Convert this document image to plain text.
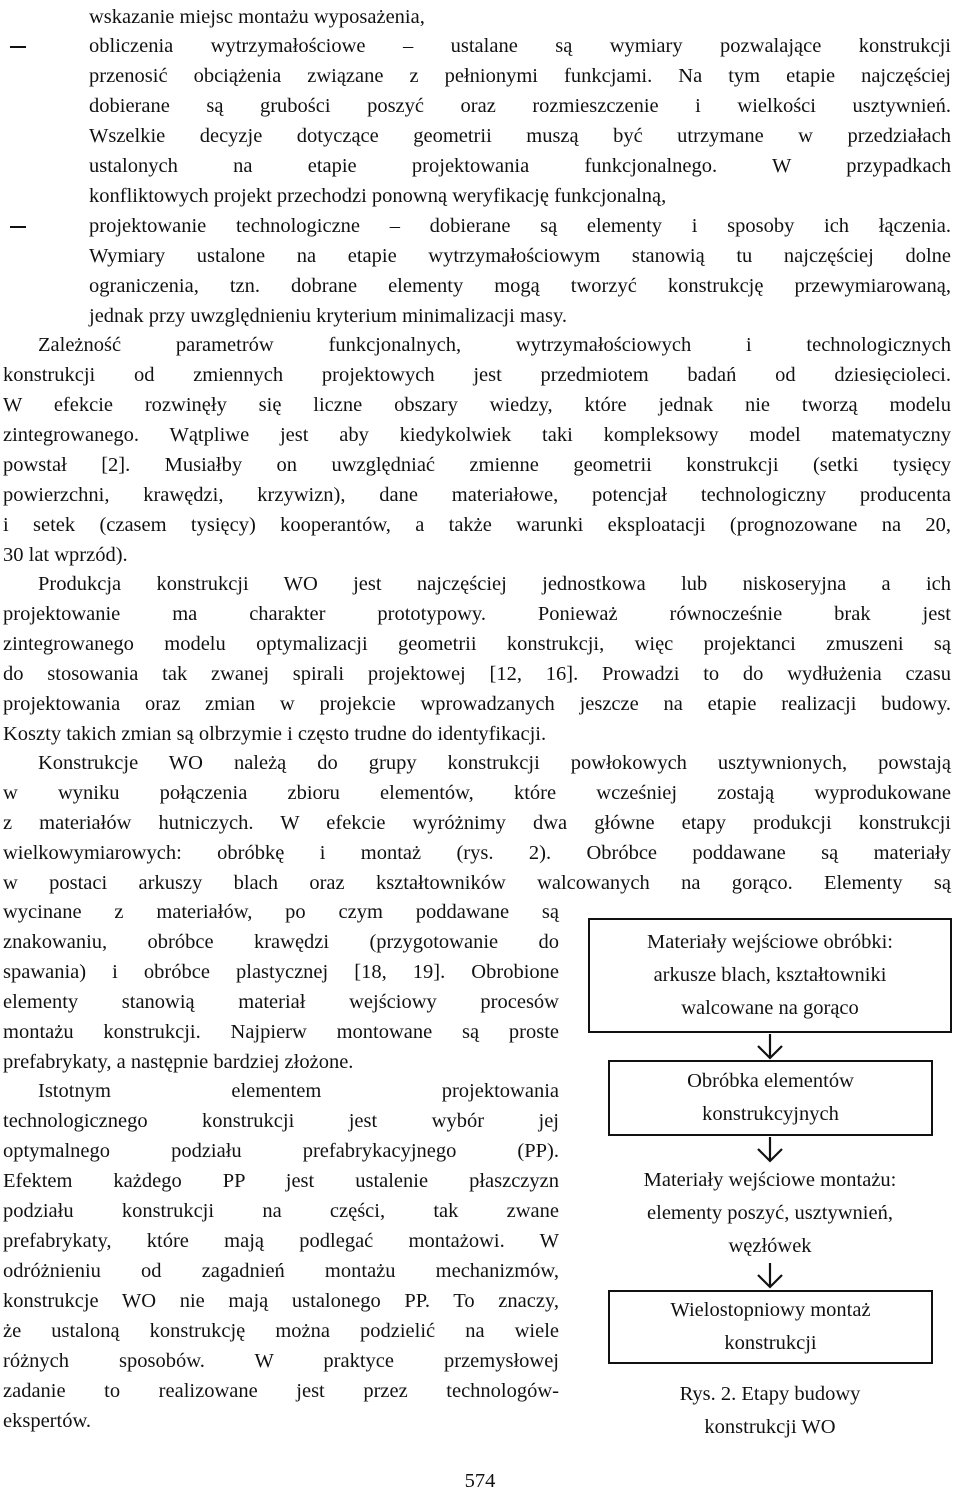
wskazanie miejsc montażu wyposażenia,
obliczenia wytrzymałościowe – ustalane są wymiary pozwalające konstrukcji
przenosić obciążenia związane z pełnionymi funkcjami. Na tym etapie najczęściej
dobierane są grubości poszyć oraz rozmieszczenie i wielkości usztywnień.
Wszelkie decyzje dotyczące geometrii muszą być utrzymane w przedziałach
ustalonych na etapie projektowania funkcjonalnego. W przypadkach
konfliktowych projekt przechodzi ponowną weryfikację funkcjonalną,
projektowanie technologiczne – dobierane są elementy i sposoby ich łączenia.
Wymiary ustalone na etapie wytrzymałościowym stanowią tu najczęściej dolne
ograniczenia, tzn. dobrane elementy mogą tworzyć konstrukcję przewymiarowaną,
jednak przy uwzględnieniu kryterium minimalizacji masy.
Zależność parametrów funkcjonalnych, wytrzymałościowych i technologicznych
konstrukcji od zmiennych projektowych jest przedmiotem badań od dziesięcioleci.
W efekcie rozwinęły się liczne obszary wiedzy, które jednak nie tworzą modelu
zintegrowanego. Wątpliwe jest aby kiedykolwiek taki kompleksowy model matematyczny
powstał [2]. Musiałby on uwzględniać zmienne geometrii konstrukcji (setki tysięcy
powierzchni, krawędzi, krzywizn), dane materiałowe, potencjał technologiczny producenta
i setek (czasem tysięcy) kooperantów, a także warunki eksploatacji (prognozowane na 20,
30 lat wprzód).
Produkcja konstrukcji WO jest najczęściej jednostkowa lub niskoseryjna a ich
projektowanie ma charakter prototypowy. Ponieważ równocześnie brak jest
zintegrowanego modelu optymalizacji geometrii konstrukcji, więc projektanci zmuszeni są
do stosowania tak zwanej spirali projektowej [12, 16]. Prowadzi to do wydłużenia czasu
projektowania oraz zmian w projekcie wprowadzanych jeszcze na etapie realizacji budowy.
Koszty takich zmian są olbrzymie i często trudne do identyfikacji.
Konstrukcje WO należą do grupy konstrukcji powłokowych usztywnionych, powstają
w wyniku połączenia zbioru elementów, które wcześniej zostają wyprodukowane
z materiałów hutniczych. W efekcie wyróżnimy dwa główne etapy produkcji konstrukcji
wielkowymiarowych: obróbkę i montaż (rys. 2). Obróbce poddawane są materiały
w postaci arkuszy blach oraz kształtowników walcowanych na gorąco. Elementy są
wycinane z materiałów, po czym poddawane są
znakowaniu, obróbce krawędzi (przygotowanie do
spawania) i obróbce plastycznej [18, 19]. Obrobione
elementy stanowią materiał wejściowy procesów
montażu konstrukcji. Najpierw montowane są proste
prefabrykaty, a następnie bardziej złożone.
Istotnym elementem projektowania
technologicznego konstrukcji jest wybór jej
optymalnego podziału prefabrykacyjnego (PP).
Efektem każdego PP jest ustalenie płaszczyzn
podziału konstrukcji na części, tak zwane
prefabrykaty, które mają podlegać montażowi. W
odróżnieniu od zagadnień montażu mechanizmów,
konstrukcje WO nie mają ustalonego PP. To znaczy,
że ustaloną konstrukcję można podzielić na wiele
różnych sposobów. W praktyce przemysłowej
zadanie to realizowane jest przez technologów-
ekspertów.
Materiały wejściowe obróbki:
arkusze blach, kształtowniki
walcowane na gorąco
Obróbka elementów
konstrukcyjnych
Materiały wejściowe montażu:
elementy poszyć, usztywnień,
węzłówek
Wielostopniowy montaż
konstrukcji
Rys. 2. Etapy budowy
konstrukcji WO
574
